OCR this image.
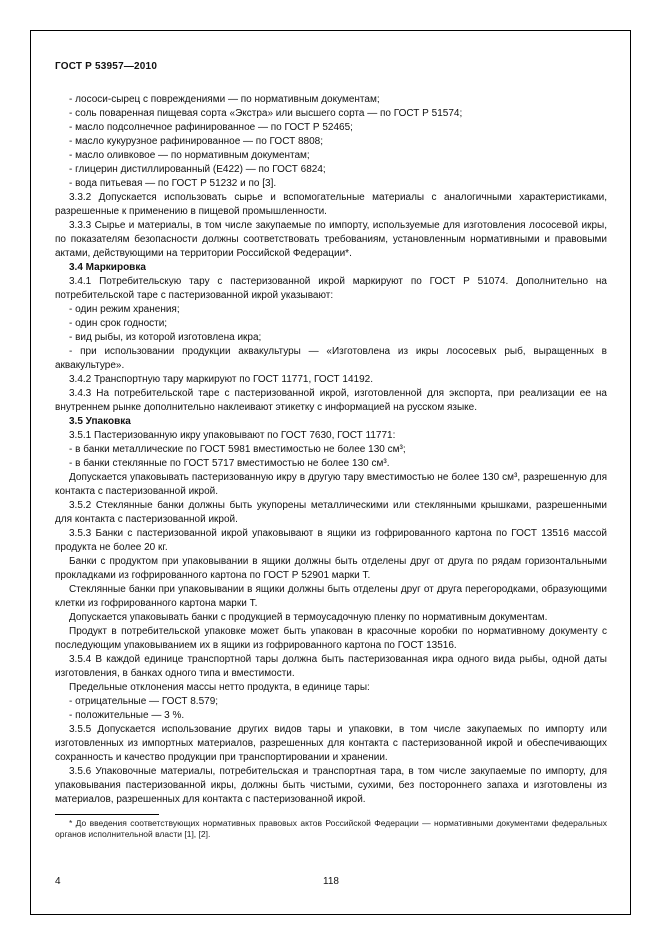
ГОСТ Р 53957—2010
- лососи-сырец с повреждениями — по нормативным документам;
- соль поваренная пищевая сорта «Экстра» или высшего сорта — по ГОСТ Р 51574;
- масло подсолнечное рафинированное — по ГОСТ Р 52465;
- масло кукурузное рафинированное — по ГОСТ 8808;
- масло оливковое — по нормативным документам;
- глицерин дистиллированный (Е422) — по ГОСТ 6824;
- вода питьевая — по ГОСТ Р 51232 и по [3].
3.3.2 Допускается использовать сырье и вспомогательные материалы с аналогичными характеристиками, разрешенные к применению в пищевой промышленности.
3.3.3 Сырье и материалы, в том числе закупаемые по импорту, используемые для изготовления лососевой икры, по показателям безопасности должны соответствовать требованиям, установленным нормативными и правовыми актами, действующими на территории Российской Федерации*.
3.4 Маркировка
3.4.1 Потребительскую тару с пастеризованной икрой маркируют по ГОСТ Р 51074. Дополнительно на потребительской таре с пастеризованной икрой указывают:
- один режим хранения;
- один срок годности;
- вид рыбы, из которой изготовлена икра;
- при использовании продукции аквакультуры — «Изготовлена из икры лососевых рыб, выращенных в аквакультуре».
3.4.2 Транспортную тару маркируют по ГОСТ 11771, ГОСТ 14192.
3.4.3 На потребительской таре с пастеризованной икрой, изготовленной для экспорта, при реализации ее на внутреннем рынке дополнительно наклеивают этикетку с информацией на русском языке.
3.5 Упаковка
3.5.1 Пастеризованную икру упаковывают по ГОСТ 7630, ГОСТ 11771:
- в банки металлические по ГОСТ 5981 вместимостью не более 130 см³;
- в банки стеклянные по ГОСТ 5717 вместимостью не более 130 см³.
Допускается упаковывать пастеризованную икру в другую тару вместимостью не более 130 см³, разрешенную для контакта с пастеризованной икрой.
3.5.2 Стеклянные банки должны быть укупорены металлическими или стеклянными крышками, разрешенными для контакта с пастеризованной икрой.
3.5.3 Банки с пастеризованной икрой упаковывают в ящики из гофрированного картона по ГОСТ 13516 массой продукта не более 20 кг.
Банки с продуктом при упаковывании в ящики должны быть отделены друг от друга по рядам горизонтальными прокладками из гофрированного картона по ГОСТ Р 52901 марки Т.
Стеклянные банки при упаковывании в ящики должны быть отделены друг от друга перегородками, образующими клетки из гофрированного картона марки Т.
Допускается упаковывать банки с продукцией в термоусадочную пленку по нормативным документам.
Продукт в потребительской упаковке может быть упакован в красочные коробки по нормативному документу с последующим упаковыванием их в ящики из гофрированного картона по ГОСТ 13516.
3.5.4 В каждой единице транспортной тары должна быть пастеризованная икра одного вида рыбы, одной даты изготовления, в банках одного типа и вместимости.
Предельные отклонения массы нетто продукта, в единице тары:
- отрицательные — ГОСТ 8.579;
- положительные — 3 %.
3.5.5 Допускается использование других видов тары и упаковки, в том числе закупаемых по импорту или изготовленных из импортных материалов, разрешенных для контакта с пастеризованной икрой и обеспечивающих сохранность и качество продукции при транспортировании и хранении.
3.5.6 Упаковочные материалы, потребительская и транспортная тара, в том числе закупаемые по импорту, для упаковывания пастеризованной икры, должны быть чистыми, сухими, без постороннего запаха и изготовлены из материалов, разрешенных для контакта с пастеризованной икрой.
* До введения соответствующих нормативных правовых актов Российской Федерации — нормативными документами федеральных органов исполнительной власти [1], [2].
4	118
